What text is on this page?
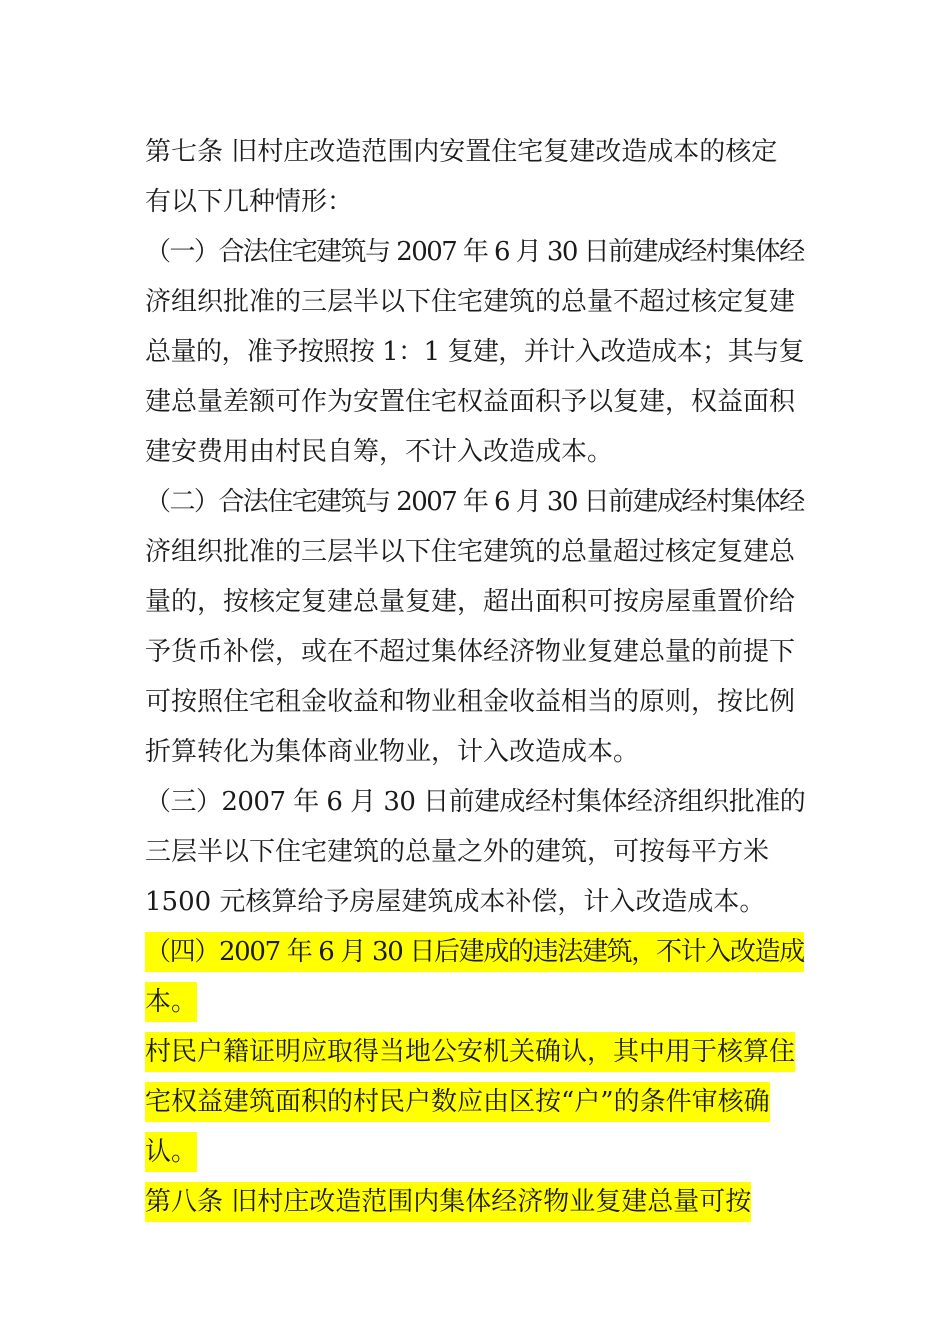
第七条 旧村庄改造范围内安置住宅复建改造成本的核定
有以下几种情形：
（一）合法住宅建筑与 2007 年 6 月 30 日前建成经村集体经
济组织批准的三层半以下住宅建筑的总量不超过核定复建
总量的，准予按照按 1：1 复建，并计入改造成本；其与复
建总量差额可作为安置住宅权益面积予以复建，权益面积
建安费用由村民自筹，不计入改造成本。
（二）合法住宅建筑与 2007 年 6 月 30 日前建成经村集体经
济组织批准的三层半以下住宅建筑的总量超过核定复建总
量的，按核定复建总量复建，超出面积可按房屋重置价给
予货币补偿，或在不超过集体经济物业复建总量的前提下
可按照住宅租金收益和物业租金收益相当的原则，按比例
折算转化为集体商业物业，计入改造成本。
（三）2007 年 6 月 30 日前建成经村集体经济组织批准的
三层半以下住宅建筑的总量之外的建筑，可按每平方米
1500 元核算给予房屋建筑成本补偿，计入改造成本。
（四）2007 年 6 月 30 日后建成的违法建筑，不计入改造成
本。
村民户籍证明应取得当地公安机关确认，其中用于核算住
宅权益建筑面积的村民户数应由区按“户”的条件审核确
认。
第八条 旧村庄改造范围内集体经济物业复建总量可按
